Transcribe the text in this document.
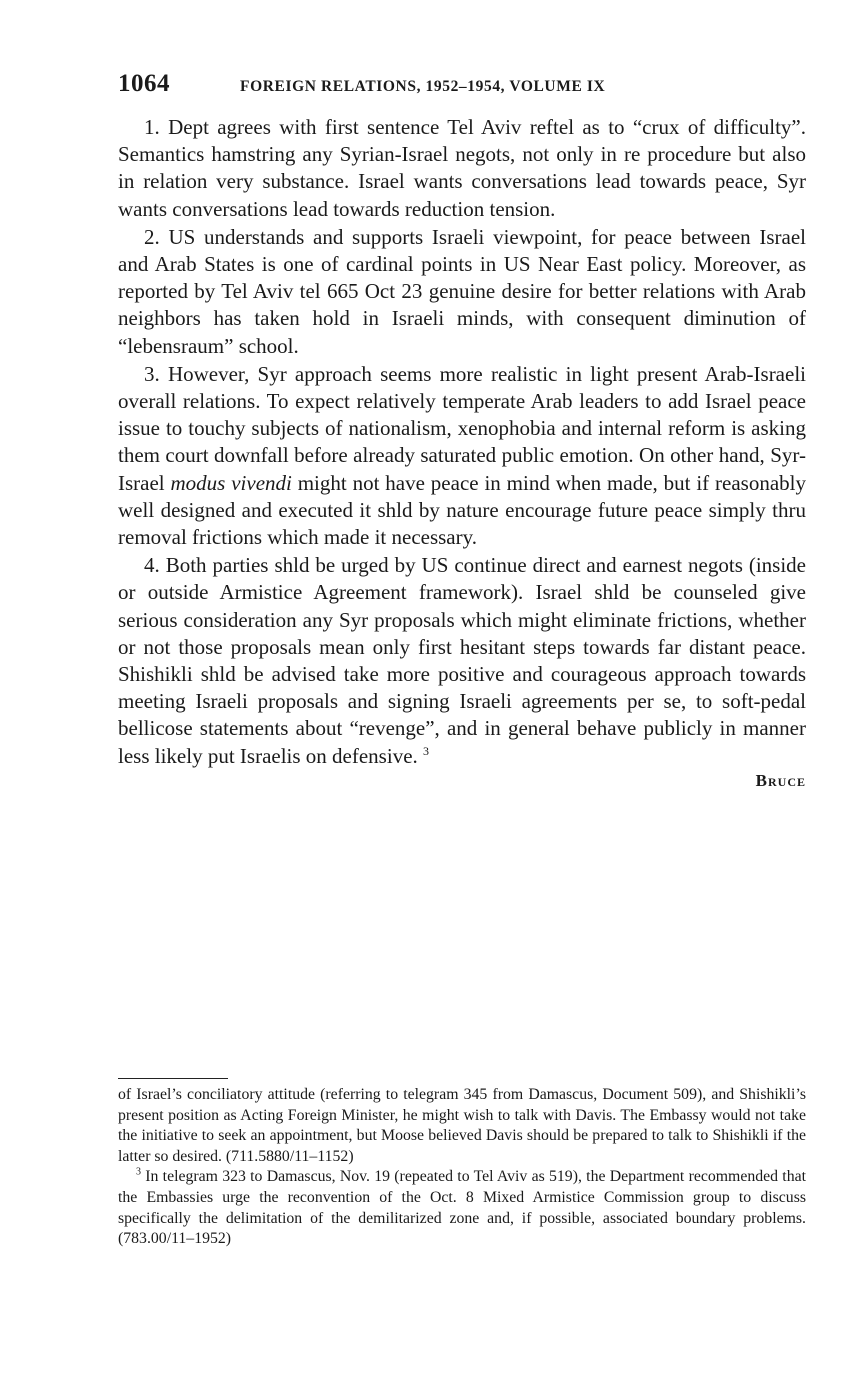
1064	FOREIGN RELATIONS, 1952–1954, VOLUME IX

1. Dept agrees with first sentence Tel Aviv reftel as to “crux of difficulty”. Semantics hamstring any Syrian-Israel negots, not only in re procedure but also in relation very substance. Israel wants conversations lead towards peace, Syr wants conversations lead towards reduction tension.

2. US understands and supports Israeli viewpoint, for peace between Israel and Arab States is one of cardinal points in US Near East policy. Moreover, as reported by Tel Aviv tel 665 Oct 23 genuine desire for better relations with Arab neighbors has taken hold in Israeli minds, with consequent diminution of “lebensraum” school.

3. However, Syr approach seems more realistic in light present Arab-Israeli overall relations. To expect relatively temperate Arab leaders to add Israel peace issue to touchy subjects of nationalism, xenophobia and internal reform is asking them court downfall before already saturated public emotion. On other hand, Syr-Israel modus vivendi might not have peace in mind when made, but if reasonably well designed and executed it shld by nature encourage future peace simply thru removal frictions which made it necessary.

4. Both parties shld be urged by US continue direct and earnest negots (inside or outside Armistice Agreement framework). Israel shld be counseled give serious consideration any Syr proposals which might eliminate frictions, whether or not those proposals mean only first hesitant steps towards far distant peace. Shishikli shld be advised take more positive and courageous approach towards meeting Israeli proposals and signing Israeli agreements per se, to soft-pedal bellicose statements about “revenge”, and in general behave publicly in manner less likely put Israelis on defensive. $^3$

Bruce

of Israel’s conciliatory attitude (referring to telegram 345 from Damascus, Document 509), and Shishikli’s present position as Acting Foreign Minister, he might wish to talk with Davis. The Embassy would not take the initiative to seek an appointment, but Moose believed Davis should be prepared to talk to Shishikli if the latter so desired. (711.5880/11–1152)

$^3$ In telegram 323 to Damascus, Nov. 19 (repeated to Tel Aviv as 519), the Department recommended that the Embassies urge the reconvention of the Oct. 8 Mixed Armistice Commission group to discuss specifically the delimitation of the demilitarized zone and, if possible, associated boundary problems. (783.00/11–1952)
